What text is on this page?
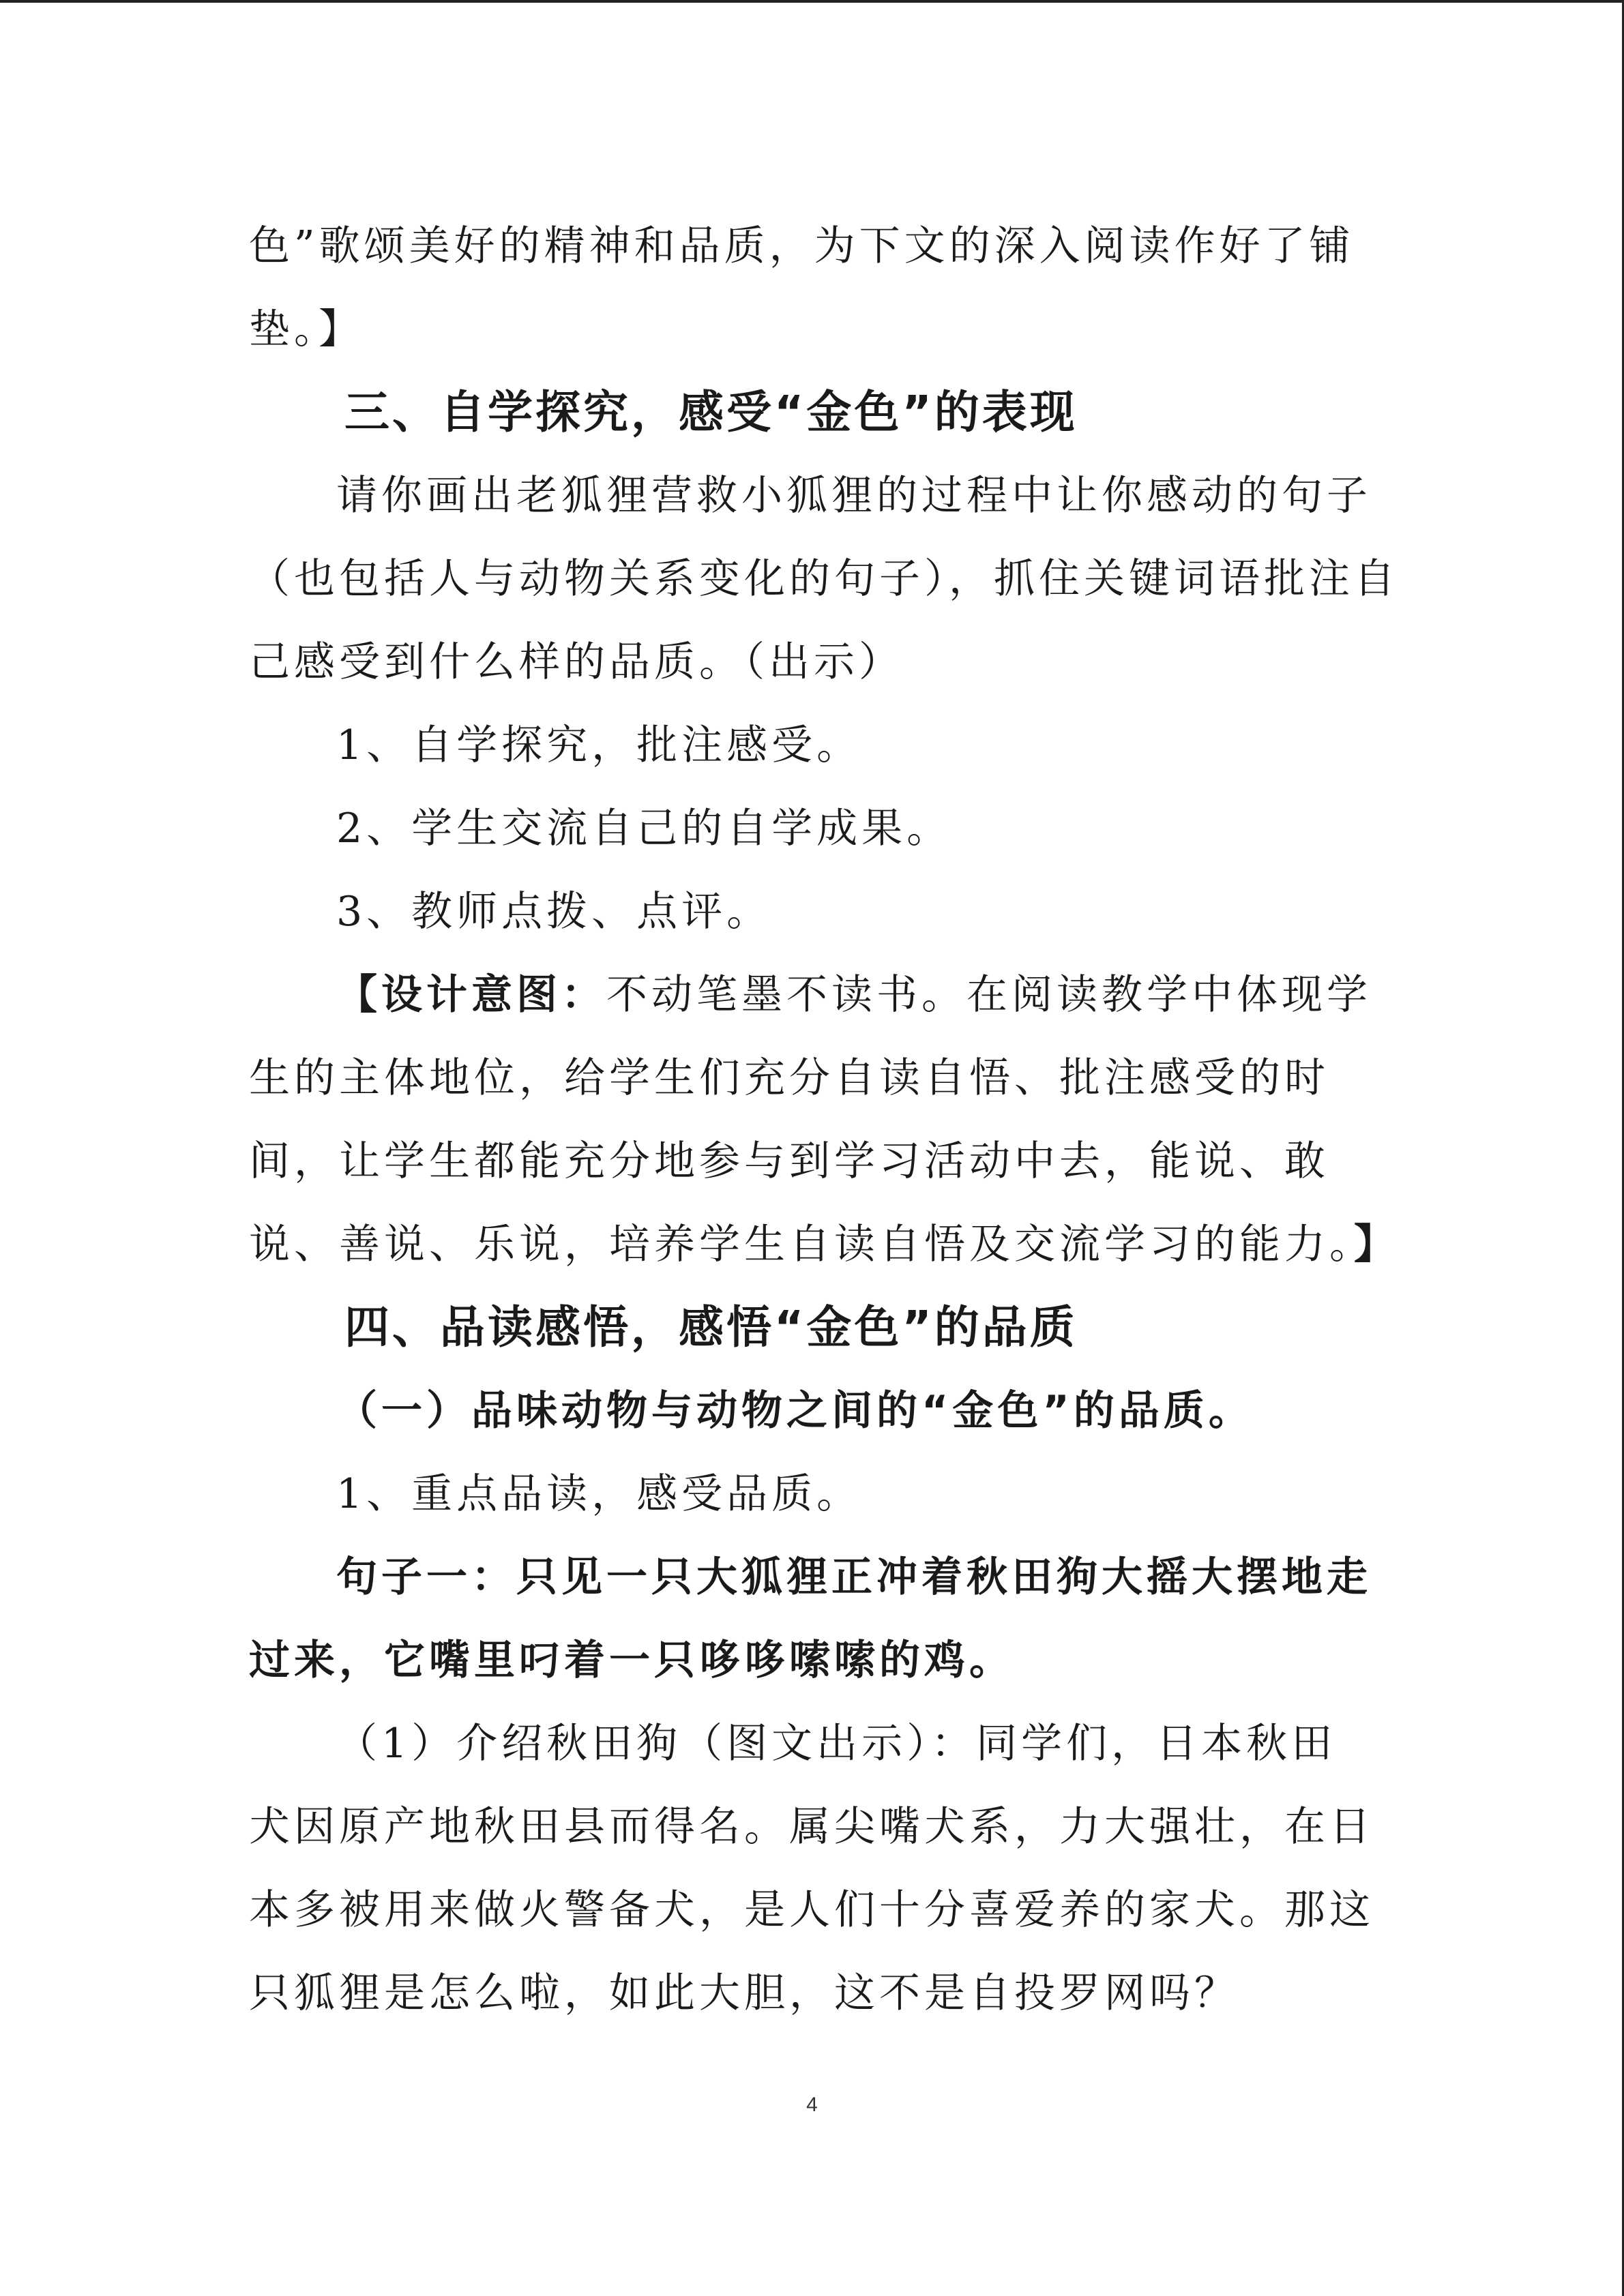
色”歌颂美好的精神和品质，为下文的深入阅读作好了铺
垫。】
三、自学探究，感受“金色”的表现
请你画出老狐狸营救小狐狸的过程中让你感动的句子
（也包括人与动物关系变化的句子），抓住关键词语批注自
己感受到什么样的品质。（出示）
1、自学探究，批注感受。
2、学生交流自己的自学成果。
3、教师点拨、点评。
【设计意图：不动笔墨不读书。在阅读教学中体现学
生的主体地位，给学生们充分自读自悟、批注感受的时
间，让学生都能充分地参与到学习活动中去，能说、敢
说、善说、乐说，培养学生自读自悟及交流学习的能力。】
四、品读感悟，感悟“金色”的品质
（一）品味动物与动物之间的“金色”的品质。
1、重点品读，感受品质。
句子一：只见一只大狐狸正冲着秋田狗大摇大摆地走
过来，它嘴里叼着一只哆哆嗦嗦的鸡。
（1）介绍秋田狗（图文出示）：同学们，日本秋田
犬因原产地秋田县而得名。属尖嘴犬系，力大强壮，在日
本多被用来做火警备犬，是人们十分喜爱养的家犬。那这
只狐狸是怎么啦，如此大胆，这不是自投罗网吗？
4
